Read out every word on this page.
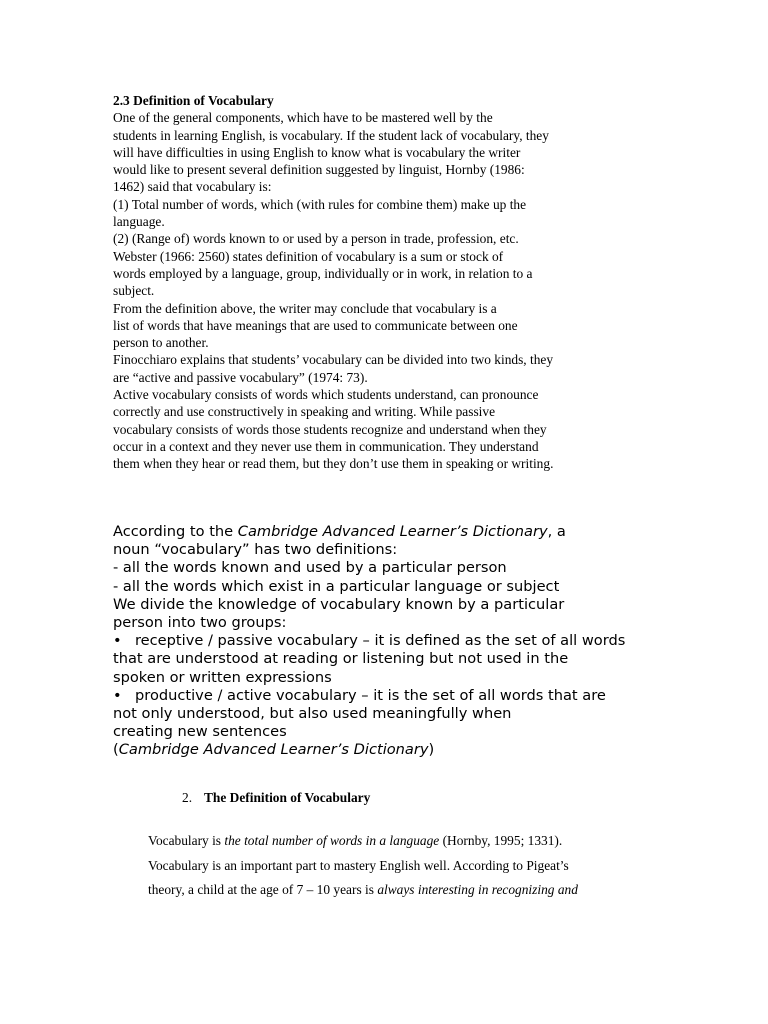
2.3 Definition of Vocabulary
One of the general components, which have to be mastered well by the
students in learning English, is vocabulary. If the student lack of vocabulary, they
will have difficulties in using English to know what is vocabulary the writer
would like to present several definition suggested by linguist, Hornby (1986:
1462) said that vocabulary is:
(1) Total number of words, which (with rules for combine them) make up the
language.
(2) (Range of) words known to or used by a person in trade, profession, etc.
Webster (1966: 2560) states definition of vocabulary is a sum or stock of
words employed by a language, group, individually or in work, in relation to a
subject.
From the definition above, the writer may conclude that vocabulary is a
list of words that have meanings that are used to communicate between one
person to another.
Finocchiaro explains that students’ vocabulary can be divided into two kinds, they
are “active and passive vocabulary” (1974: 73).
Active vocabulary consists of words which students understand, can pronounce
correctly and use constructively in speaking and writing. While passive
vocabulary consists of words those students recognize and understand when they
occur in a context and they never use them in communication. They understand
them when they hear or read them, but they don’t use them in speaking or writing.
According to the Cambridge Advanced Learner’s Dictionary, a
noun “vocabulary” has two definitions:
- all the words known and used by a particular person
- all the words which exist in a particular language or subject
We divide the knowledge of vocabulary known by a particular
person into two groups:
• receptive / passive vocabulary – it is defined as the set of all words
that are understood at reading or listening but not used in the
spoken or written expressions
• productive / active vocabulary – it is the set of all words that are
not only understood, but also used meaningfully when
creating new sentences
(Cambridge Advanced Learner’s Dictionary)
2. The Definition of Vocabulary
Vocabulary is the total number of words in a language (Hornby, 1995; 1331).
Vocabulary is an important part to mastery English well. According to Pigeat’s
theory, a child at the age of 7 – 10 years is always interesting in recognizing and
